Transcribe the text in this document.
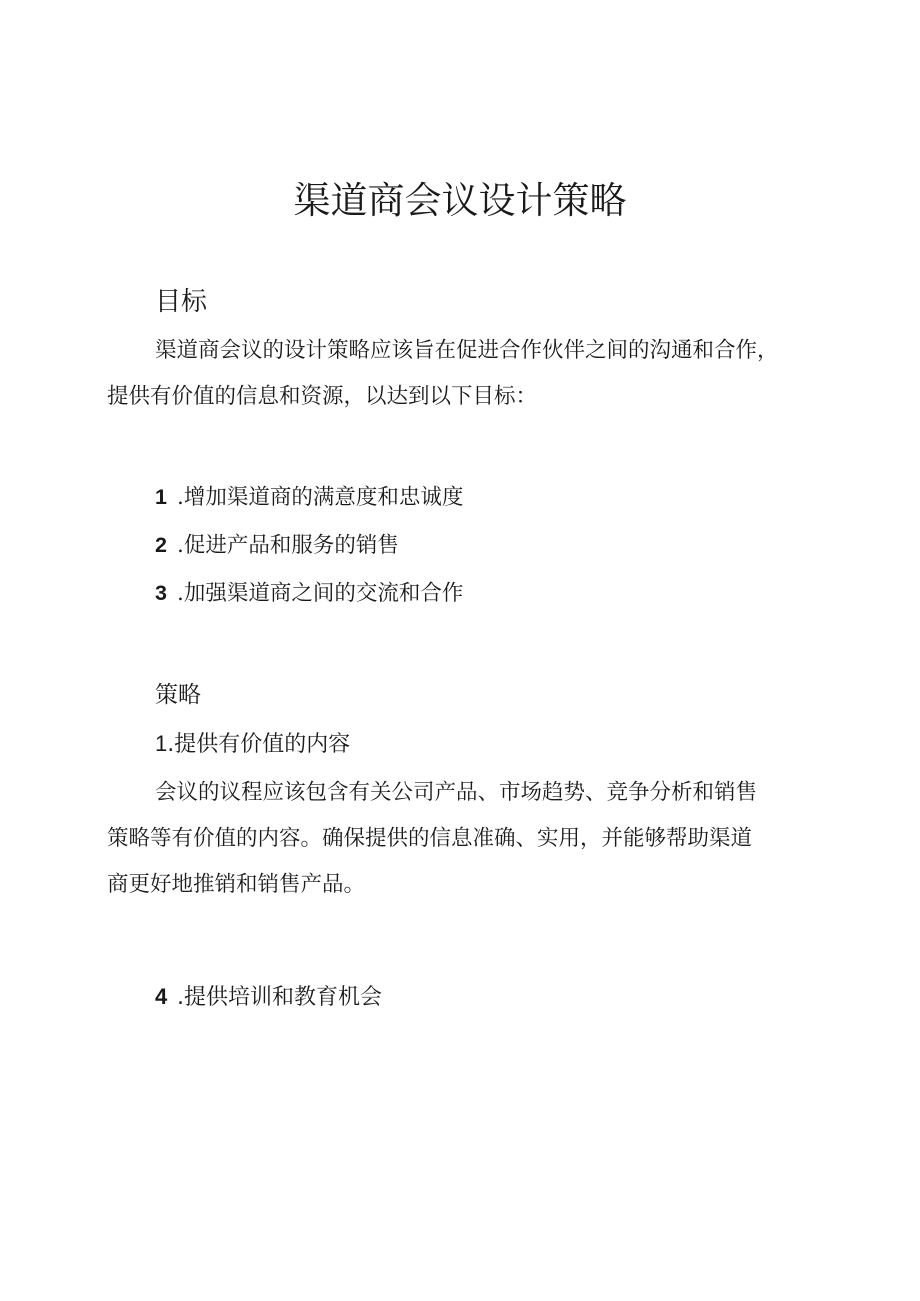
渠道商会议设计策略
目标

渠道商会议的设计策略应该旨在促进合作伙伴之间的沟通和合作，

提供有价值的信息和资源，以达到以下目标：

1 .增加渠道商的满意度和忠诚度
2 .促进产品和服务的销售
3 .加强渠道商之间的交流和合作
策略
1.提供有价值的内容

会议的议程应该包含有关公司产品、市场趋势、竞争分析和销售

策略等有价值的内容。确保提供的信息准确、实用，并能够帮助渠道

商更好地推销和销售产品。

4 .提供培训和教育机会
